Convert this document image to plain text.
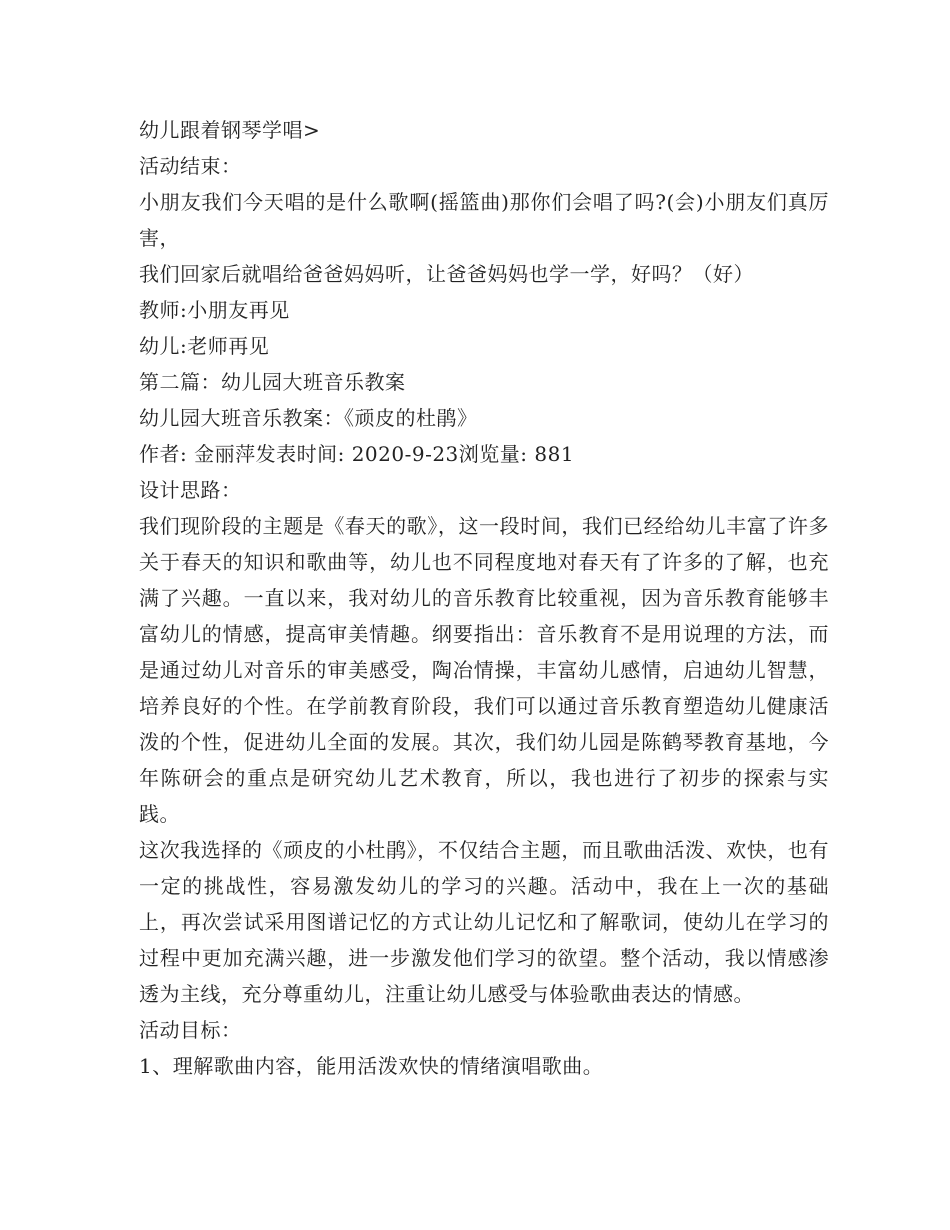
幼儿跟着钢琴学唱>

活动结束：

小朋友我们今天唱的是什么歌啊(摇篮曲)那你们会唱了吗?(会)小朋友们真厉害，

我们回家后就唱给爸爸妈妈听，让爸爸妈妈也学一学，好吗？（好）

教师:小朋友再见

幼儿:老师再见

第二篇：幼儿园大班音乐教案

幼儿园大班音乐教案：《顽皮的杜鹃》

作者: 金丽萍发表时间: 2020-9-23浏览量: 881

设计思路：

我们现阶段的主题是《春天的歌》，这一段时间，我们已经给幼儿丰富了许多关于春天的知识和歌曲等，幼儿也不同程度地对春天有了许多的了解，也充满了兴趣。一直以来，我对幼儿的音乐教育比较重视，因为音乐教育能够丰富幼儿的情感，提高审美情趣。纲要指出：音乐教育不是用说理的方法，而是通过幼儿对音乐的审美感受，陶冶情操，丰富幼儿感情，启迪幼儿智慧，培养良好的个性。在学前教育阶段，我们可以通过音乐教育塑造幼儿健康活泼的个性，促进幼儿全面的发展。其次，我们幼儿园是陈鹤琴教育基地，今年陈研会的重点是研究幼儿艺术教育，所以，我也进行了初步的探索与实践。

这次我选择的《顽皮的小杜鹃》，不仅结合主题，而且歌曲活泼、欢快，也有一定的挑战性，容易激发幼儿的学习的兴趣。活动中，我在上一次的基础上，再次尝试采用图谱记忆的方式让幼儿记忆和了解歌词，使幼儿在学习的过程中更加充满兴趣，进一步激发他们学习的欲望。整个活动，我以情感渗透为主线，充分尊重幼儿，注重让幼儿感受与体验歌曲表达的情感。

活动目标：

1、理解歌曲内容，能用活泼欢快的情绪演唱歌曲。
